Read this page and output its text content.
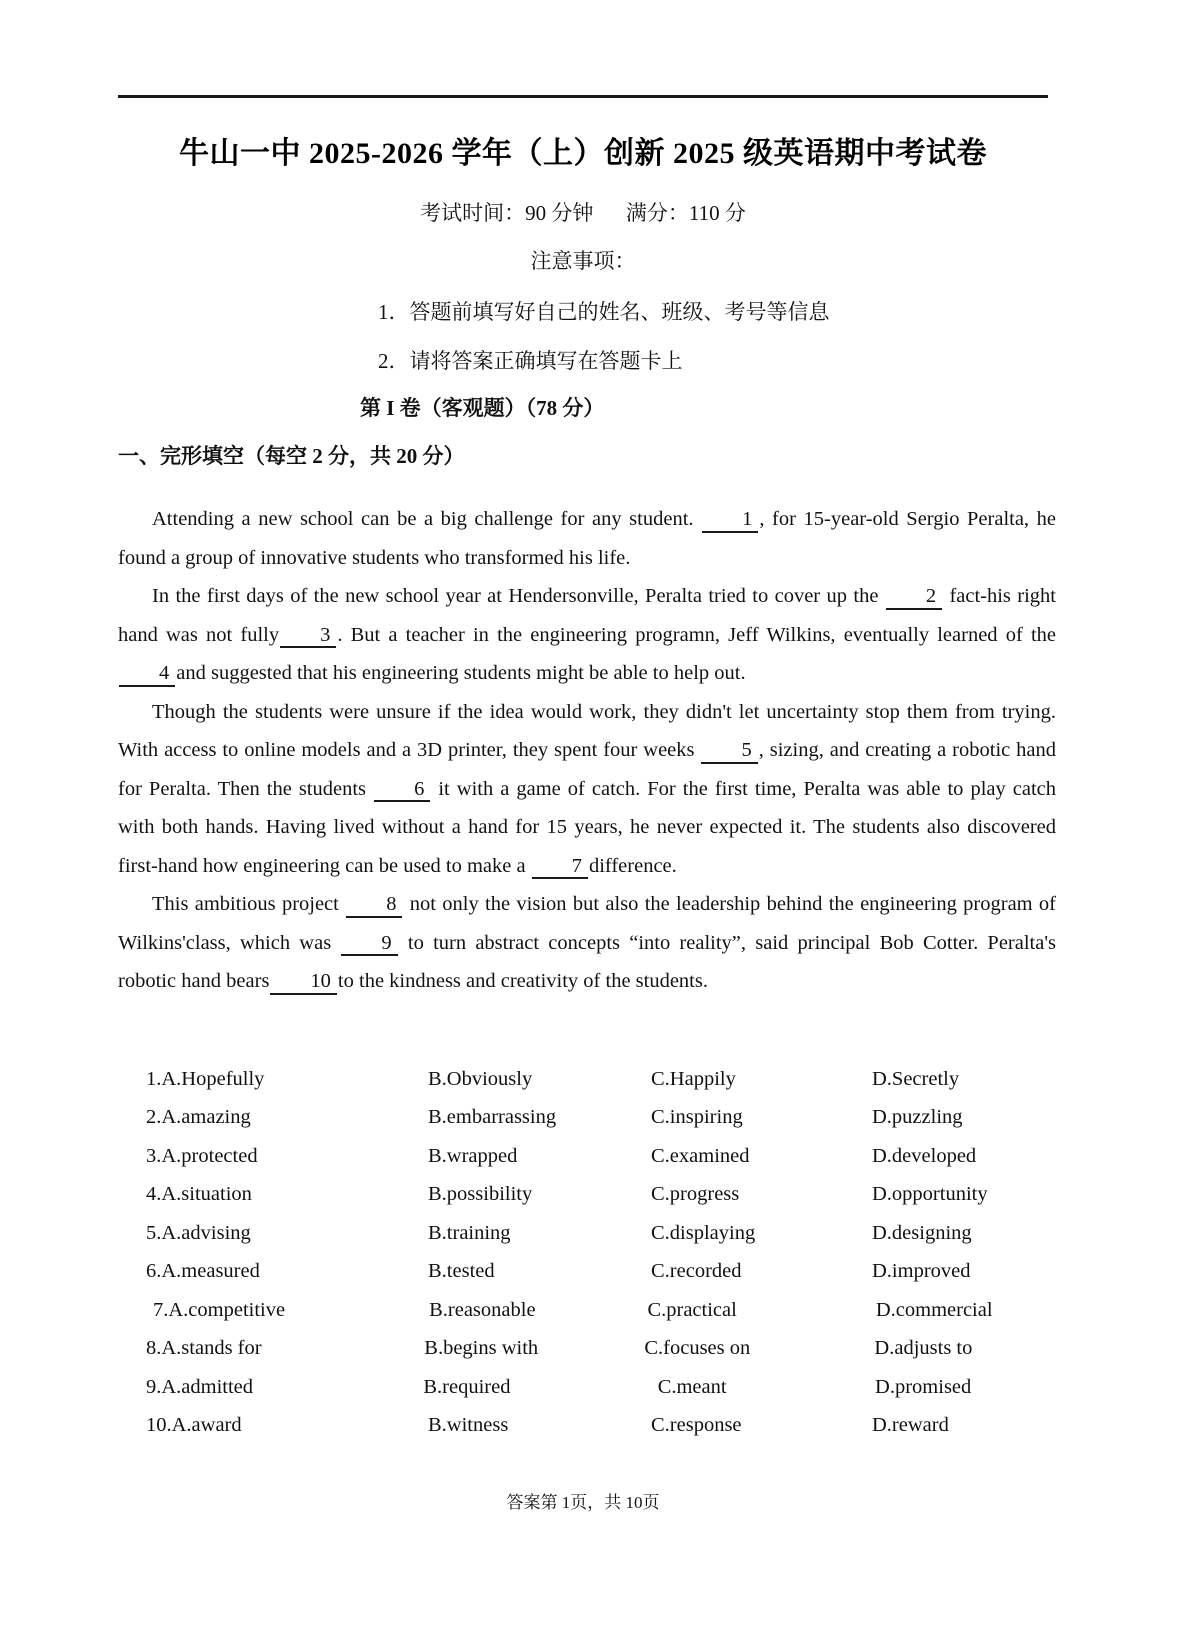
牛山一中 2025-2026 学年（上）创新 2025 级英语期中考试卷
考试时间：90 分钟 满分：110 分
注意事项：
1．答题前填写好自己的姓名、班级、考号等信息
2．请将答案正确填写在答题卡上
第 I 卷（客观题）（78 分）
一、完形填空（每空 2 分，共 20 分）

Attending a new school can be a big challenge for any student. 1 , for 15-year-old Sergio Peralta, he found a group of innovative students who transformed his life.

In the first days of the new school year at Hendersonville, Peralta tried to cover up the 2 fact-his right hand was not fully 3 . But a teacher in the engineering programn, Jeff Wilkins, eventually learned of the 4 and suggested that his engineering students might be able to help out.

Though the students were unsure if the idea would work, they didn't let uncertainty stop them from trying. With access to online models and a 3D printer, they spent four weeks 5 , sizing, and creating a robotic hand for Peralta. Then the students 6 it with a game of catch. For the first time, Peralta was able to play catch with both hands. Having lived without a hand for 15 years, he never expected it. The students also discovered first-hand how engineering can be used to make a 7 difference.

This ambitious project 8 not only the vision but also the leadership behind the engineering program of Wilkins'class, which was 9 to turn abstract concepts “into reality”, said principal Bob Cotter. Peralta's robotic hand bears 10 to the kindness and creativity of the students.

1.A.Hopefully	B.Obviously	C.Happily	D.Secretly
2.A.amazing	B.embarrassing	C.inspiring	D.puzzling
3.A.protected	B.wrapped	C.examined	D.developed
4.A.situation	B.possibility	C.progress	D.opportunity
5.A.advising	B.training	C.displaying	D.designing
6.A.measured	B.tested	C.recorded	D.improved
7.A.competitive	B.reasonable	C.practical	D.commercial
8.A.stands for	B.begins with	C.focuses on	D.adjusts to
9.A.admitted	B.required	C.meant	D.promised
10.A.award	B.witness	C.response	D.reward
答案第 1页，共 10页
